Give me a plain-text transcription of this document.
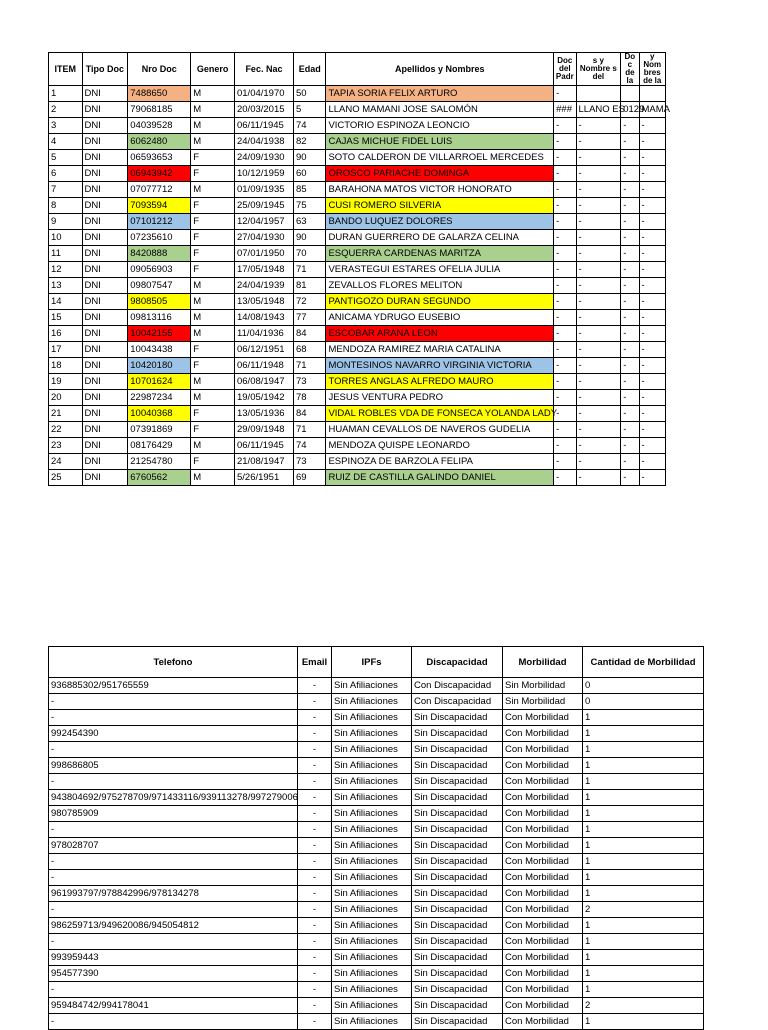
ITEM	Tipo Doc	Nro Doc	Genero	Fec. Nac	Edad	Apellidos y Nombres	Doc del Padr	s y Nombre s del	Do c de la	y Nom bres de la
1	DNI	7488650	M	01/04/1970	50	TAPIA SORIA FELIX ARTURO	-			
2	DNI	79068185	M	20/03/2015	5	LLANO MAMANI JOSE SALOMÓN	###	LLANO ES	0129	MAMA
3	DNI	04039528	M	06/11/1945	74	VICTORIO ESPINOZA LEONCIO	-	-	-	-
4	DNI	6062480	M	24/04/1938	82	CAJAS MICHUE FIDEL LUIS	-	-	-	-
5	DNI	06593653	F	24/09/1930	90	SOTO CALDERON DE VILLARROEL MERCEDES	-	-	-	-
6	DNI	06943942	F	10/12/1959	60	OROSCO PARIACHE DOMINGA	-	-	-	-
7	DNI	07077712	M	01/09/1935	85	BARAHONA MATOS VICTOR HONORATO	-	-	-	-
8	DNI	7093594	F	25/09/1945	75	CUSI ROMERO SILVERIA	-	-	-	-
9	DNI	07101212	F	12/04/1957	63	BANDO LUQUEZ DOLORES	-	-	-	-
10	DNI	07235610	F	27/04/1930	90	DURAN GUERRERO DE GALARZA CELINA	-	-	-	-
11	DNI	8420888	F	07/01/1950	70	ESQUERRA CARDENAS MARITZA	-	-	-	-
12	DNI	09056903	F	17/05/1948	71	VERASTEGUI ESTARES OFELIA JULIA	-	-	-	-
13	DNI	09807547	M	24/04/1939	81	ZEVALLOS FLORES MELITON	-	-	-	-
14	DNI	9808505	M	13/05/1948	72	PANTIGOZO DURAN SEGUNDO	-	-	-	-
15	DNI	09813116	M	14/08/1943	77	ANICAMA YDRUGO EUSEBIO	-	-	-	-
16	DNI	10042155	M	11/04/1936	84	ESCOBAR ARANA LEON	-	-	-	-
17	DNI	10043438	F	06/12/1951	68	MENDOZA RAMIREZ MARIA CATALINA	-	-	-	-
18	DNI	10420180	F	06/11/1948	71	MONTESINOS NAVARRO VIRGINIA VICTORIA	-	-	-	-
19	DNI	10701624	M	06/08/1947	73	TORRES ANGLAS ALFREDO MAURO	-	-	-	-
20	DNI	22987234	M	19/05/1942	78	JESUS VENTURA PEDRO	-	-	-	-
21	DNI	10040368	F	13/05/1936	84	VIDAL ROBLES VDA DE FONSECA YOLANDA LADY	-	-	-	-
22	DNI	07391869	F	29/09/1948	71	HUAMAN CEVALLOS DE NAVEROS GUDELIA	-	-	-	-
23	DNI	08176429	M	06/11/1945	74	MENDOZA QUISPE LEONARDO	-	-	-	-
24	DNI	21254780	F	21/08/1947	73	ESPINOZA DE BARZOLA FELIPA	-	-	-	-
25	DNI	6760562	M	5/26/1951	69	RUIZ DE CASTILLA GALINDO DANIEL	-	-	-	-
Telefono	Email	IPFs	Discapacidad	Morbilidad	Cantidad de Morbilidad
936885302/951765559	-	Sin Afiliaciones	Con Discapacidad	Sin Morbilidad	0
-	-	Sin Afiliaciones	Con Discapacidad	Sin Morbilidad	0
-	-	Sin Afiliaciones	Sin Discapacidad	Con Morbilidad	1
992454390	-	Sin Afiliaciones	Sin Discapacidad	Con Morbilidad	1
-	-	Sin Afiliaciones	Sin Discapacidad	Con Morbilidad	1
998686805	-	Sin Afiliaciones	Sin Discapacidad	Con Morbilidad	1
-	-	Sin Afiliaciones	Sin Discapacidad	Con Morbilidad	1
943804692/975278709/971433116/939113278/997279006	-	Sin Afiliaciones	Sin Discapacidad	Con Morbilidad	1
980785909	-	Sin Afiliaciones	Sin Discapacidad	Con Morbilidad	1
-	-	Sin Afiliaciones	Sin Discapacidad	Con Morbilidad	1
978028707	-	Sin Afiliaciones	Sin Discapacidad	Con Morbilidad	1
-	-	Sin Afiliaciones	Sin Discapacidad	Con Morbilidad	1
-	-	Sin Afiliaciones	Sin Discapacidad	Con Morbilidad	1
961993797/978842996/978134278	-	Sin Afiliaciones	Sin Discapacidad	Con Morbilidad	1
-	-	Sin Afiliaciones	Sin Discapacidad	Con Morbilidad	2
986259713/949620086/945054812	-	Sin Afiliaciones	Sin Discapacidad	Con Morbilidad	1
-	-	Sin Afiliaciones	Sin Discapacidad	Con Morbilidad	1
993959443	-	Sin Afiliaciones	Sin Discapacidad	Con Morbilidad	1
954577390	-	Sin Afiliaciones	Sin Discapacidad	Con Morbilidad	1
-	-	Sin Afiliaciones	Sin Discapacidad	Con Morbilidad	1
959484742/994178041	-	Sin Afiliaciones	Sin Discapacidad	Con Morbilidad	2
-	-	Sin Afiliaciones	Sin Discapacidad	Con Morbilidad	1
